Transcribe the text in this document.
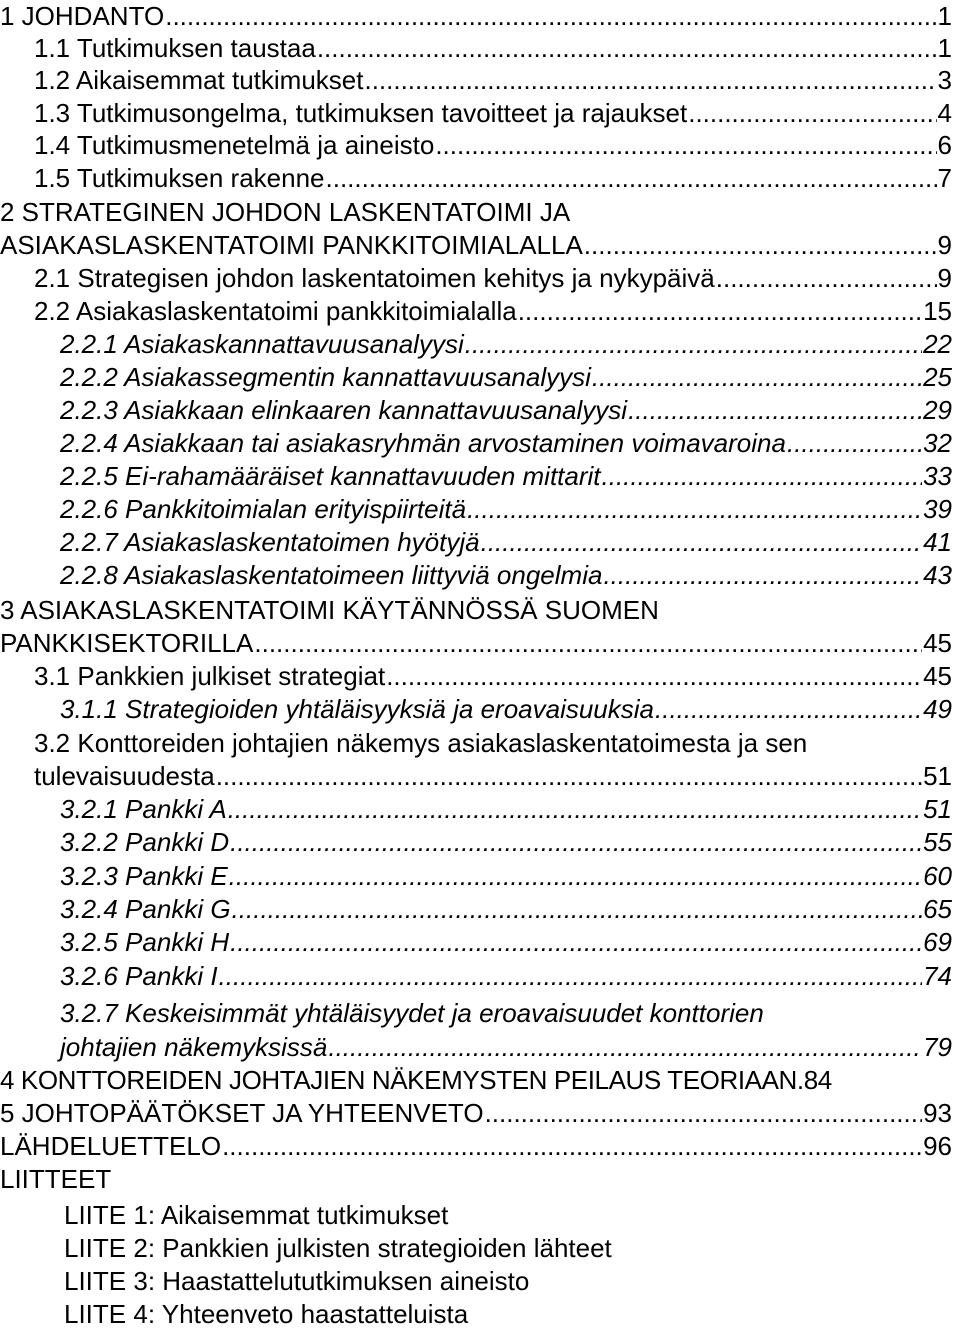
1 JOHDANTO .....	1
1.1 Tutkimuksen taustaa .....	1
1.2 Aikaisemmat tutkimukset .....	3
1.3 Tutkimusongelma, tutkimuksen tavoitteet ja rajaukset .....	4
1.4 Tutkimusmenetelmä ja aineisto .....	6
1.5 Tutkimuksen rakenne .....	7
2 STRATEGINEN JOHDON LASKENTATOIMI JA
ASIAKASLASKENTATOIMI PANKKITOIMIALALLA .....	9
2.1 Strategisen johdon laskentatoimen kehitys ja nykypäivä .....	9
2.2 Asiakaslaskentatoimi pankkitoimialalla .....	15
2.2.1 Asiakaskannattavuusanalyysi .....	22
2.2.2 Asiakassegmentin kannattavuusanalyysi .....	25
2.2.3 Asiakkaan elinkaaren kannattavuusanalyysi .....	29
2.2.4 Asiakkaan tai asiakasryhmän arvostaminen voimavaroina .....	32
2.2.5 Ei-rahamääräiset kannattavuuden mittarit .....	33
2.2.6 Pankkitoimialan erityispiirteitä .....	39
2.2.7 Asiakaslaskentatoimen hyötyjä .....	41
2.2.8 Asiakaslaskentatoimeen liittyviä ongelmia .....	43
3 ASIAKASLASKENTATOIMI KÄYTÄNNÖSSÄ SUOMEN
PANKKISEKTORILLA .....	45
3.1 Pankkien julkiset strategiat .....	45
3.1.1 Strategioiden yhtäläisyyksiä ja eroavaisuuksia .....	49
3.2 Konttoreiden johtajien näkemys asiakaslaskentatoimesta ja sen
tulevaisuudesta .....	51
3.2.1 Pankki A .....	51
3.2.2 Pankki D .....	55
3.2.3 Pankki E .....	60
3.2.4 Pankki G .....	65
3.2.5 Pankki H .....	69
3.2.6 Pankki I .....	74
3.2.7 Keskeisimmät yhtäläisyydet ja eroavaisuudet konttorien
johtajien näkemyksissä .....	79
4 KONTTOREIDEN JOHTAJIEN NÄKEMYSTEN PEILAUS TEORIAAN. 84
5 JOHTOPÄÄTÖKSET JA YHTEENVETO .....	93
LÄHDELUETTELO .....	96
LIITTEET
LIITE 1: Aikaisemmat tutkimukset
LIITE 2: Pankkien julkisten strategioiden lähteet
LIITE 3: Haastattelututkimuksen aineisto
LIITE 4: Yhteenveto haastatteluista
